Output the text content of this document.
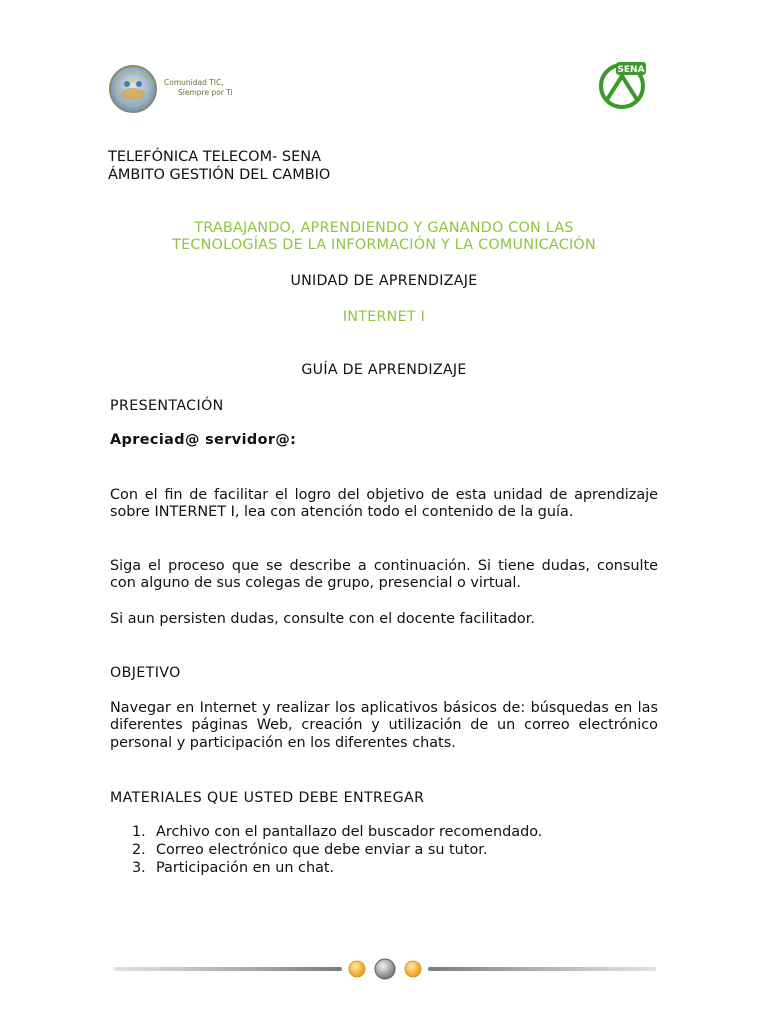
Comunidad TIC,
Siempre por Ti
SENA
TELEFÓNICA TELECOM- SENA
ÁMBITO GESTIÓN DEL CAMBIO
TRABAJANDO, APRENDIENDO Y GANANDO CON LAS
TECNOLOGÍAS DE LA INFORMACIÓN Y LA COMUNICACIÓN
UNIDAD DE APRENDIZAJE
INTERNET I
GUÍA DE APRENDIZAJE
PRESENTACIÓN
Apreciad@ servidor@:
Con el fin de facilitar el logro del objetivo de esta unidad de aprendizaje sobre INTERNET I, lea con atención todo el contenido de la guía.
Siga el proceso que se describe a continuación. Si tiene dudas, consulte con alguno de sus colegas de grupo, presencial o virtual.
Si aun persisten dudas, consulte con el docente facilitador.
OBJETIVO
Navegar en Internet y realizar los aplicativos básicos de: búsquedas en las diferentes páginas Web, creación y utilización de un correo electrónico personal y participación en los diferentes chats.
MATERIALES QUE USTED DEBE ENTREGAR
1. Archivo con el pantallazo del buscador recomendado.
2. Correo electrónico que debe enviar a su tutor.
3. Participación en un chat.
